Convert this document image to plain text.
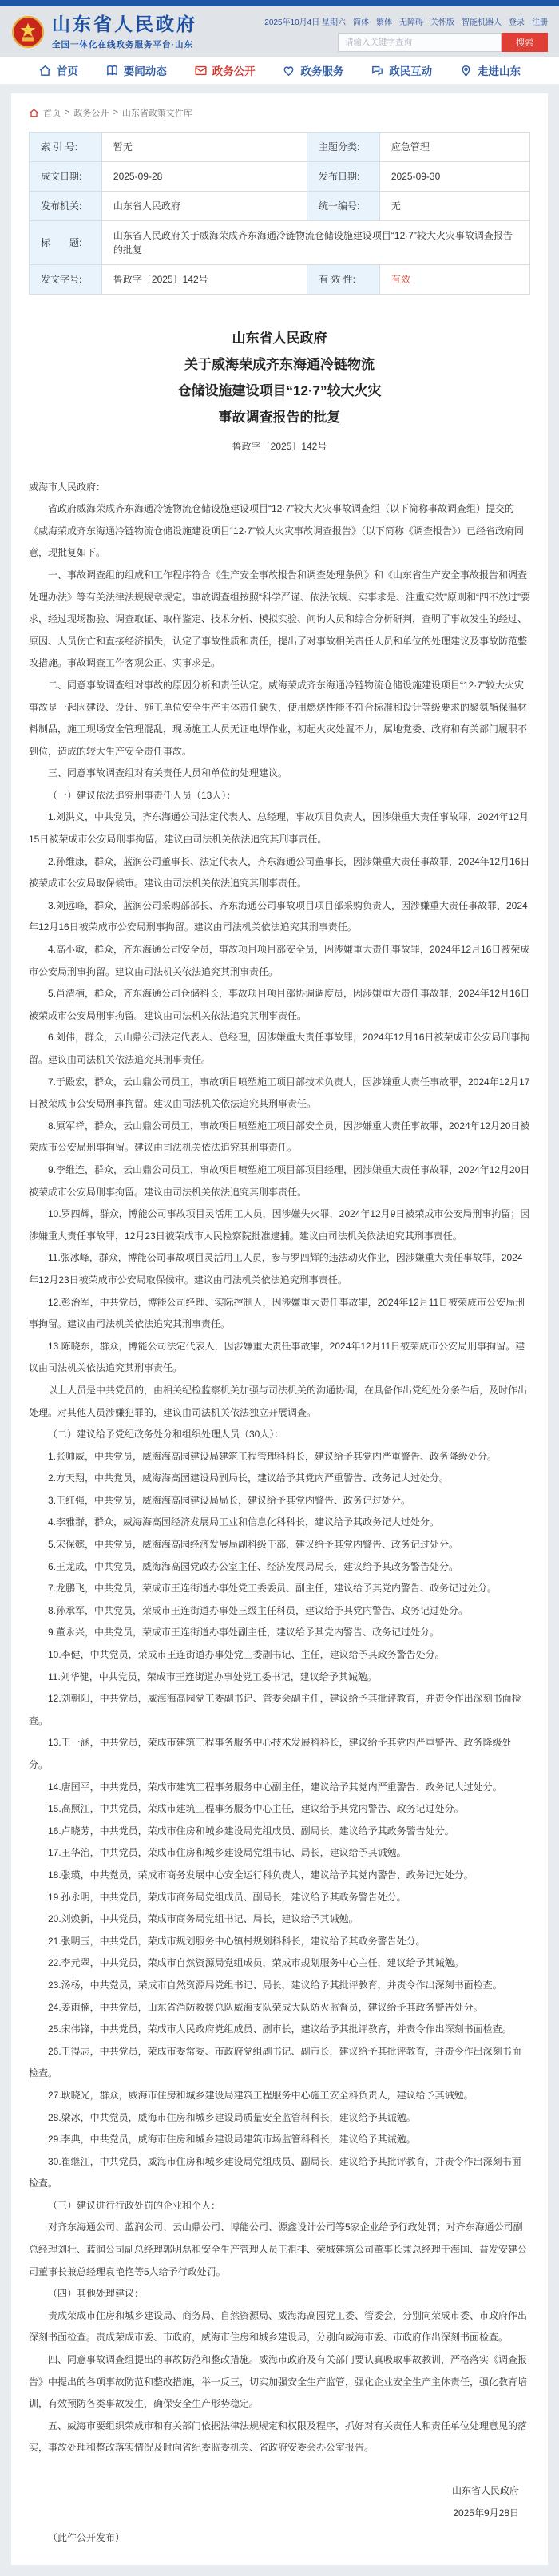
山东省人民政府
全国一体化在线政务服务平台·山东
2025年10月4日 星期六 简体 繁体 无障碍 关怀版 智能机器人 登录 注册
请输入关键字查询
搜索
首页	要闻动态	政务公开	政务服务	政民互动	走进山东
首页 > 政务公开 > 山东省政策文件库
索 引 号:	暂无	主题分类:	应急管理
成文日期:	2025-09-28	发布日期:	2025-09-30
发布机关:	山东省人民政府	统一编号:	无
标　　题:	山东省人民政府关于威海荣成齐东海通冷链物流仓储设施建设项目“12·7”较大火灾事故调查报告的批复		
发文字号:	鲁政字〔2025〕142号	有 效 性:	有效
山东省人民政府
关于威海荣成齐东海通冷链物流
仓储设施建设项目“12·7”较大火灾
事故调查报告的批复
鲁政字〔2025〕142号
威海市人民政府：

省政府威海荣成齐东海通冷链物流仓储设施建设项目“12·7”较大火灾事故调查组（以下简称事故调查组）提交的《威海荣成齐东海通冷链物流仓储设施建设项目“12·7”较大火灾事故调查报告》（以下简称《调查报告》）已经省政府同意，现批复如下。

一、事故调查组的组成和工作程序符合《生产安全事故报告和调查处理条例》和《山东省生产安全事故报告和调查处理办法》等有关法律法规规章规定。事故调查组按照“科学严谨、依法依规、实事求是、注重实效”原则和“四不放过”要求，经过现场勘验、调查取证、取样鉴定、技术分析、模拟实验、问询人员和综合分析研判，查明了事故发生的经过、原因、人员伤亡和直接经济损失，认定了事故性质和责任，提出了对事故相关责任人员和单位的处理建议及事故防范整改措施。事故调查工作客观公正、实事求是。

二、同意事故调查组对事故的原因分析和责任认定。威海荣成齐东海通冷链物流仓储设施建设项目“12·7”较大火灾事故是一起因建设、设计、施工单位安全生产主体责任缺失，使用燃烧性能不符合标准和设计等级要求的聚氨酯保温材料制品，施工现场安全管理混乱，现场施工人员无证电焊作业，初起火灾处置不力，属地党委、政府和有关部门履职不到位，造成的较大生产安全责任事故。

三、同意事故调查组对有关责任人员和单位的处理建议。

（一）建议依法追究刑事责任人员（13人）：

1.刘洪义，中共党员，齐东海通公司法定代表人、总经理，事故项目负责人，因涉嫌重大责任事故罪，2024年12月15日被荣成市公安局刑事拘留。建议由司法机关依法追究其刑事责任。

2.孙维康，群众，蓝润公司董事长、法定代表人，齐东海通公司董事长，因涉嫌重大责任事故罪，2024年12月16日被荣成市公安局取保候审。建议由司法机关依法追究其刑事责任。

3.刘远峰，群众，蓝润公司采购部部长、齐东海通公司事故项目项目部采购负责人，因涉嫌重大责任事故罪，2024年12月16日被荣成市公安局刑事拘留。建议由司法机关依法追究其刑事责任。

4.高小敏，群众，齐东海通公司安全员，事故项目项目部安全员，因涉嫌重大责任事故罪，2024年12月16日被荣成市公安局刑事拘留。建议由司法机关依法追究其刑事责任。

5.肖清楠，群众，齐东海通公司仓储科长，事故项目项目部协调调度员，因涉嫌重大责任事故罪，2024年12月16日被荣成市公安局刑事拘留。建议由司法机关依法追究其刑事责任。

6.刘伟，群众，云山鼎公司法定代表人、总经理，因涉嫌重大责任事故罪，2024年12月16日被荣成市公安局刑事拘留。建议由司法机关依法追究其刑事责任。

7.于殿宏，群众，云山鼎公司员工，事故项目喷塑施工项目部技术负责人，因涉嫌重大责任事故罪，2024年12月17日被荣成市公安局刑事拘留。建议由司法机关依法追究其刑事责任。

8.原军祥，群众，云山鼎公司员工，事故项目喷塑施工项目部安全员，因涉嫌重大责任事故罪，2024年12月20日被荣成市公安局刑事拘留。建议由司法机关依法追究其刑事责任。

9.李维连，群众，云山鼎公司员工，事故项目喷塑施工项目部项目经理，因涉嫌重大责任事故罪，2024年12月20日被荣成市公安局刑事拘留。建议由司法机关依法追究其刑事责任。

10.罗四辉，群众，博能公司事故项目灵活用工人员，因涉嫌失火罪，2024年12月9日被荣成市公安局刑事拘留；因涉嫌重大责任事故罪，12月23日被荣成市人民检察院批准逮捕。建议由司法机关依法追究其刑事责任。

11.张冰峰，群众，博能公司事故项目灵活用工人员，参与罗四辉的违法动火作业，因涉嫌重大责任事故罪，2024年12月23日被荣成市公安局取保候审。建议由司法机关依法追究刑事责任。

12.彭治军，中共党员，博能公司经理、实际控制人，因涉嫌重大责任事故罪，2024年12月11日被荣成市公安局刑事拘留。建议由司法机关依法追究其刑事责任。

13.陈晓东，群众，博能公司法定代表人，因涉嫌重大责任事故罪，2024年12月11日被荣成市公安局刑事拘留。建议由司法机关依法追究其刑事责任。

以上人员是中共党员的，由相关纪检监察机关加强与司法机关的沟通协调，在具备作出党纪处分条件后，及时作出处理。对其他人员涉嫌犯罪的，建议由司法机关依法独立开展调查。

（二）建议给予党纪政务处分和组织处理人员（30人）：

1.张帅威，中共党员，威海海高园建设局建筑工程管理科科长，建议给予其党内严重警告、政务降级处分。

2.方天翔，中共党员，威海海高园建设局副局长，建议给予其党内严重警告、政务记大过处分。

3.王红强，中共党员，威海海高园建设局局长，建议给予其党内警告、政务记过处分。

4.李雅群，群众，威海海高园经济发展局工业和信息化科科长，建议给予其政务记大过处分。

5.宋保懿，中共党员，威海海高园经济发展局副科级干部，建议给予其党内警告、政务记过处分。

6.王龙成，中共党员，威海海高园党政办公室主任、经济发展局局长，建议给予其政务警告处分。

7.龙鹏飞，中共党员，荣成市王连街道办事处党工委委员、副主任，建议给予其党内警告、政务记过处分。

8.孙承军，中共党员，荣成市王连街道办事处三级主任科员，建议给予其党内警告、政务记过处分。

9.董永兴，中共党员，荣成市王连街道办事处副主任，建议给予其党内警告、政务记过处分。

10.李健，中共党员，荣成市王连街道办事处党工委副书记、主任，建议给予其政务警告处分。

11.刘华健，中共党员，荣成市王连街道办事处党工委书记，建议给予其诫勉。

12.刘朝阳，中共党员，威海海高园党工委副书记、管委会副主任，建议给予其批评教育，并责令作出深刻书面检查。

13.王一涵，中共党员，荣成市建筑工程事务服务中心技术发展科科长，建议给予其党内严重警告、政务降级处分。

14.唐国平，中共党员，荣成市建筑工程事务服务中心副主任，建议给予其党内严重警告、政务记大过处分。

15.高照江，中共党员，荣成市建筑工程事务服务中心主任，建议给予其党内警告、政务记过处分。

16.卢晓芳，中共党员，荣成市住房和城乡建设局党组成员、副局长，建议给予其政务警告处分。

17.王华治，中共党员，荣成市住房和城乡建设局党组书记、局长，建议给予其诫勉。

18.张瑛，中共党员，荣成市商务发展中心安全运行科负责人，建议给予其党内警告、政务记过处分。

19.孙永明，中共党员，荣成市商务局党组成员、副局长，建议给予其政务警告处分。

20.刘焕新，中共党员，荣成市商务局党组书记、局长，建议给予其诫勉。

21.张明玉，中共党员，荣成市规划服务中心镇村规划科科长，建议给予其政务警告处分。

22.李元翠，中共党员，荣成市自然资源局党组成员，荣成市规划服务中心主任，建议给予其诫勉。

23.汤杨，中共党员，荣成市自然资源局党组书记、局长，建议给予其批评教育，并责令作出深刻书面检查。

24.姜雨楠，中共党员，山东省消防救援总队威海支队荣成大队防火监督员，建议给予其政务警告处分。

25.宋伟锋，中共党员，荣成市人民政府党组成员、副市长，建议给予其批评教育，并责令作出深刻书面检查。

26.王得志，中共党员，荣成市委常委、市政府党组副书记、副市长，建议给予其批评教育，并责令作出深刻书面检查。

27.耿晓光，群众，威海市住房和城乡建设局建筑工程服务中心施工安全科负责人，建议给予其诫勉。

28.梁冰，中共党员，威海市住房和城乡建设局质量安全监管科科长，建议给予其诫勉。

29.李典，中共党员，威海市住房和城乡建设局建筑市场监管科科长，建议给予其诫勉。

30.崔继江，中共党员，威海市住房和城乡建设局党组成员、副局长，建议给予其批评教育，并责令作出深刻书面检查。

（三）建议进行行政处罚的企业和个人：

对齐东海通公司、蓝润公司、云山鼎公司、博能公司、源鑫设计公司等5家企业给予行政处罚；对齐东海通公司副总经理刘壮、蓝润公司副总经理郭明磊和安全生产管理人员王祖排、荣城建筑公司董事长兼总经理于海国、益发安建公司董事长兼总经理袁艳艳等5人给予行政处罚。

（四）其他处理建议：

责成荣成市住房和城乡建设局、商务局、自然资源局、威海海高园党工委、管委会，分别向荣成市委、市政府作出深刻书面检查。责成荣成市委、市政府，威海市住房和城乡建设局，分别向威海市委、市政府作出深刻书面检查。

四、同意事故调查组提出的事故防范和整改措施。威海市政府及有关部门要认真吸取事故教训，严格落实《调查报告》中提出的各项事故防范和整改措施，举一反三，切实加强安全生产监管，强化企业安全生产主体责任，强化教育培训，有效预防各类事故发生，确保安全生产形势稳定。

五、威海市要组织荣成市和有关部门依据法律法规规定和权限及程序，抓好对有关责任人和责任单位处理意见的落实，事故处理和整改落实情况及时向省纪委监委机关、省政府安委会办公室报告。

山东省人民政府
2025年9月28日
（此件公开发布）
